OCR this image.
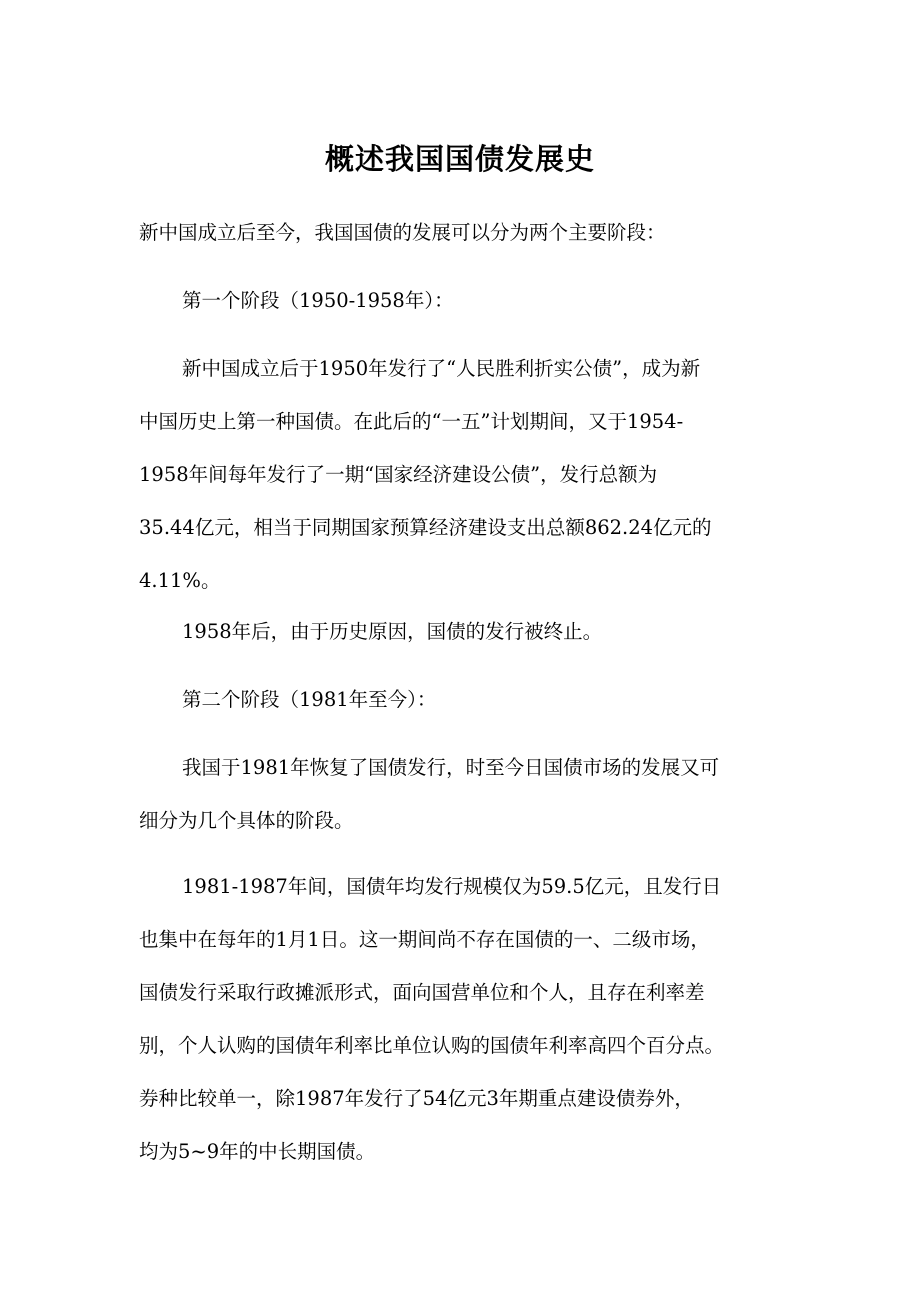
概述我国国债发展史

新中国成立后至今，我国国债的发展可以分为两个主要阶段：

第一个阶段（1950-1958年）：

新中国成立后于1950年发行了“人民胜利折实公债”，成为新

中国历史上第一种国债。在此后的“一五”计划期间，又于1954-

1958年间每年发行了一期“国家经济建设公债”，发行总额为

35.44亿元，相当于同期国家预算经济建设支出总额862.24亿元的

4.11%。

1958年后，由于历史原因，国债的发行被终止。

第二个阶段（1981年至今）：

我国于1981年恢复了国债发行，时至今日国债市场的发展又可

细分为几个具体的阶段。

1981-1987年间，国债年均发行规模仅为59.5亿元，且发行日

也集中在每年的1月1日。这一期间尚不存在国债的一、二级市场，

国债发行采取行政摊派形式，面向国营单位和个人，且存在利率差

别，个人认购的国债年利率比单位认购的国债年利率高四个百分点。

券种比较单一，除1987年发行了54亿元3年期重点建设债券外，

均为5~9年的中长期国债。
